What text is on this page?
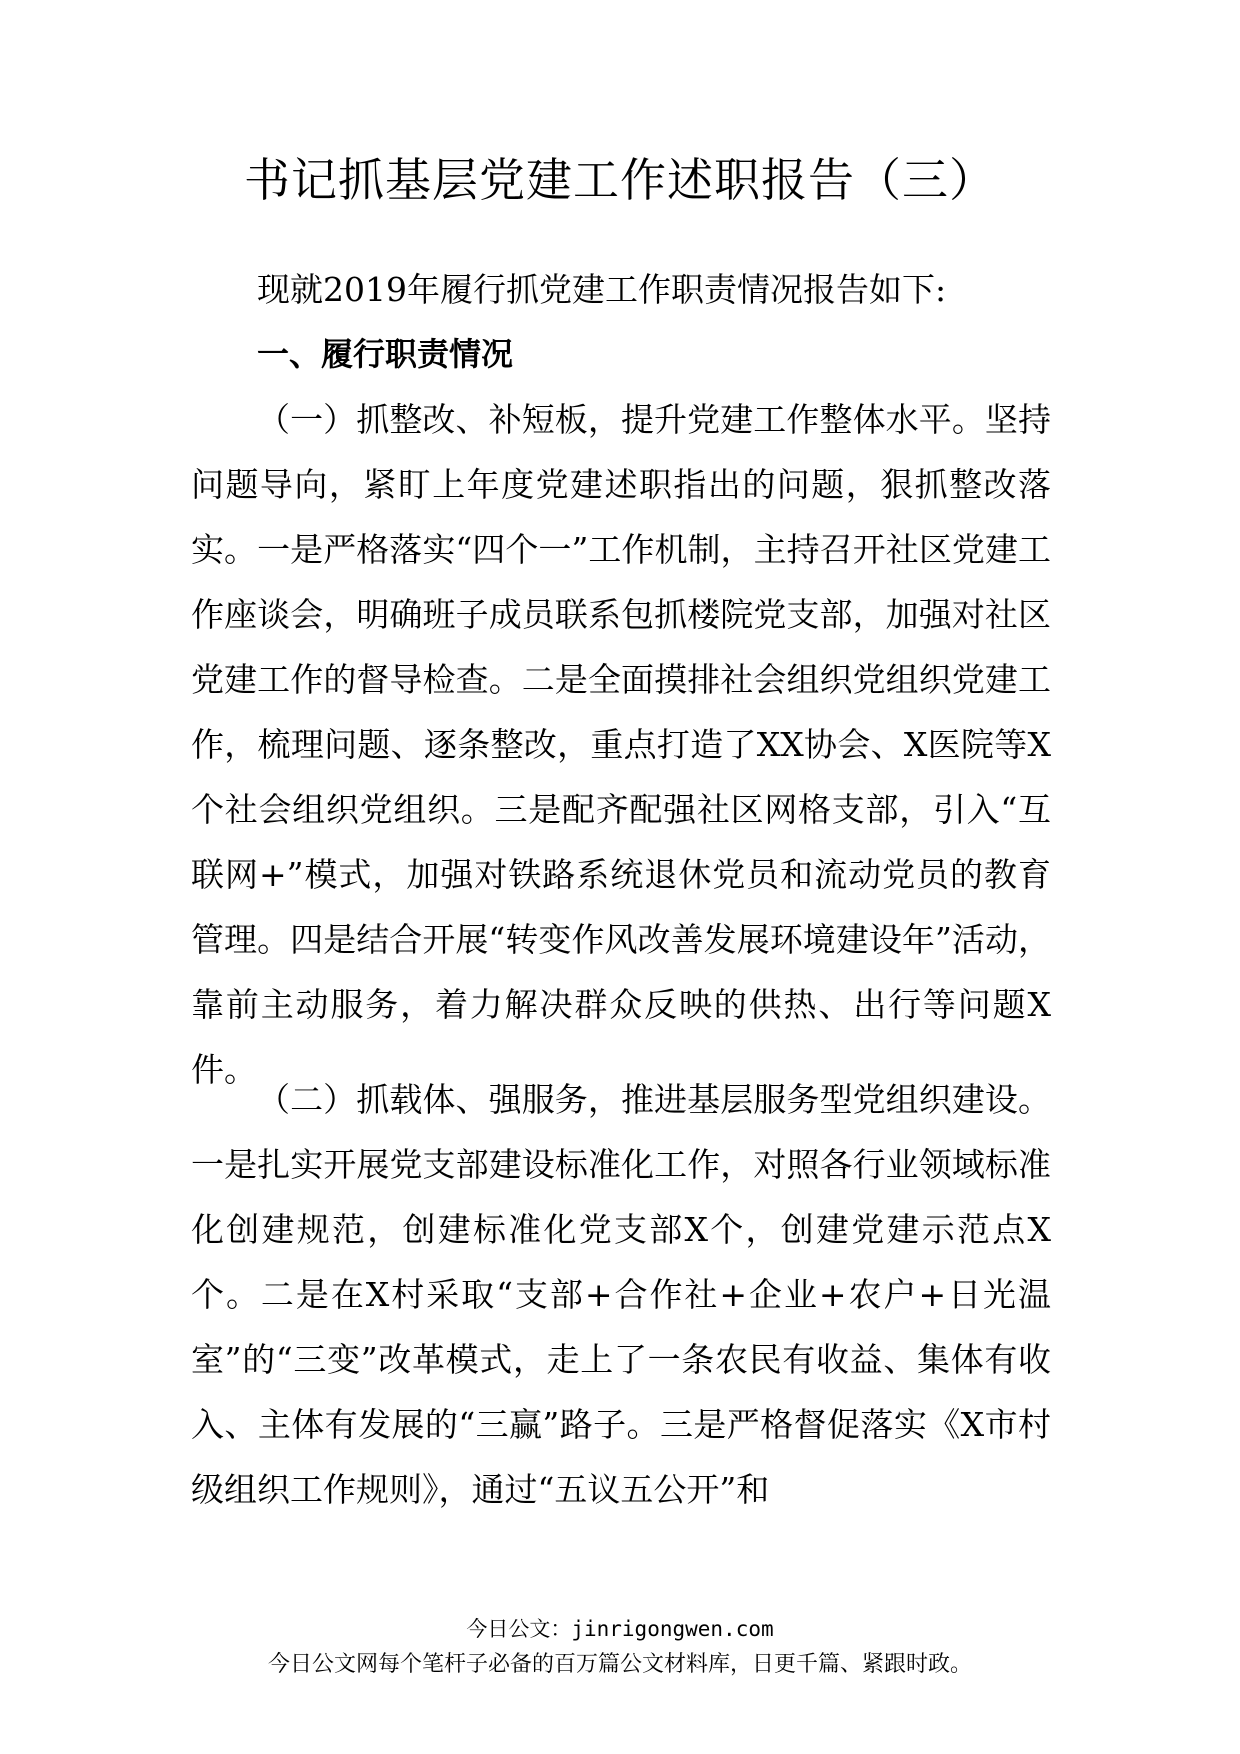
书记抓基层党建工作述职报告（三）
现就2019年履行抓党建工作职责情况报告如下:
一、履行职责情况
（一）抓整改、补短板，提升党建工作整体水平。坚持问题导向，紧盯上年度党建述职指出的问题，狠抓整改落实。一是严格落实“四个一”工作机制，主持召开社区党建工作座谈会，明确班子成员联系包抓楼院党支部，加强对社区党建工作的督导检查。二是全面摸排社会组织党组织党建工作，梳理问题、逐条整改，重点打造了XX协会、X医院等X个社会组织党组织。三是配齐配强社区网格支部，引入“互联网+”模式，加强对铁路系统退休党员和流动党员的教育管理。四是结合开展“转变作风改善发展环境建设年”活动，靠前主动服务，着力解决群众反映的供热、出行等问题X件。
（二）抓载体、强服务，推进基层服务型党组织建设。一是扎实开展党支部建设标准化工作，对照各行业领域标准化创建规范，创建标准化党支部X个，创建党建示范点X个。二是在X村采取“支部+合作社+企业+农户+日光温室”的“三变”改革模式，走上了一条农民有收益、集体有收入、主体有发展的“三赢”路子。三是严格督促落实《X市村级组织工作规则》，通过“五议五公开”和
今日公文：jinrigongwen.com
今日公文网每个笔杆子必备的百万篇公文材料库，日更千篇、紧跟时政。
